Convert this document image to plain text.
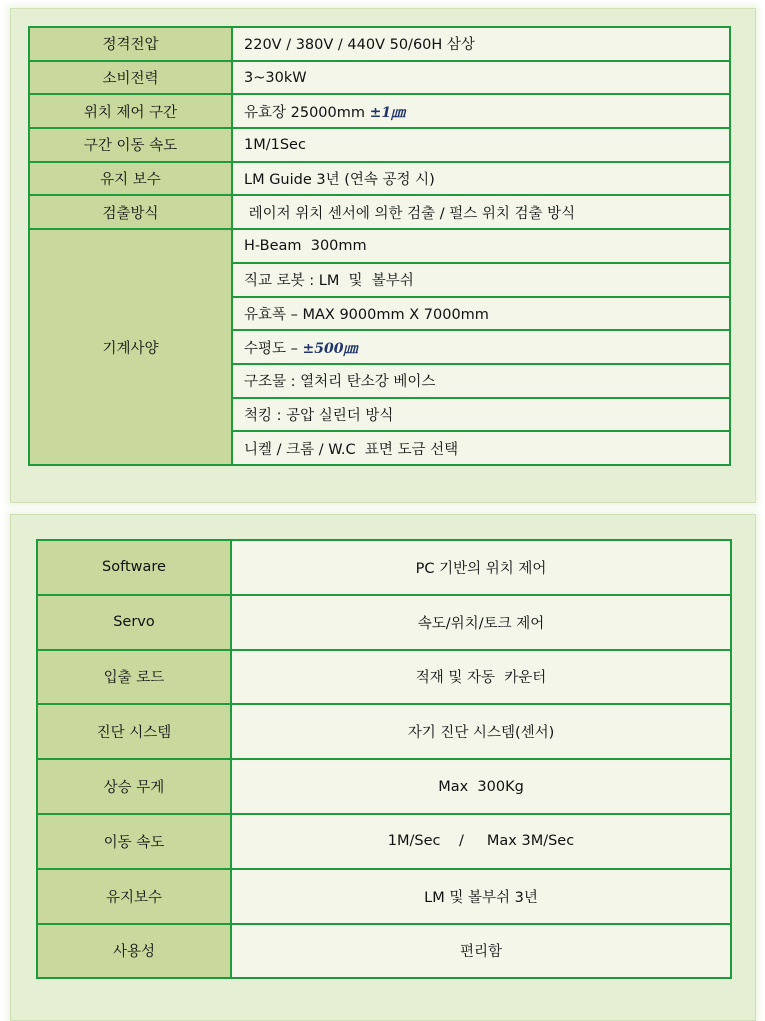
정격전압	220V / 380V / 440V 50/60H 삼상
소비전력	3~30kW
위치 제어 구간	유효장 25000mm ±1㎛
구간 이동 속도	1M/1Sec
유지 보수	LM Guide 3년 (연속 공정 시)
검출방식	레이저 위치 센서에 의한 검출 / 펄스 위치 검출 방식
기계사양	H-Beam  300mm
	직교 로봇 : LM  및  볼부쉬
	유효폭 – MAX 9000mm X 7000mm
	수평도 – ±500㎛
	구조물 : 열처리 탄소강 베이스
	척킹 : 공압 실린더 방식
	니켈 / 크롬 / W.C  표면 도금 선택
Software	PC 기반의 위치 제어
Servo	속도/위치/토크 제어
입출 로드	적재 및 자동  카운터
진단 시스템	자기 진단 시스템(센서)
상승 무게	Max  300Kg
이동 속도	1M/Sec    /     Max 3M/Sec
유지보수	LM 및 볼부쉬 3년
사용성	편리함
